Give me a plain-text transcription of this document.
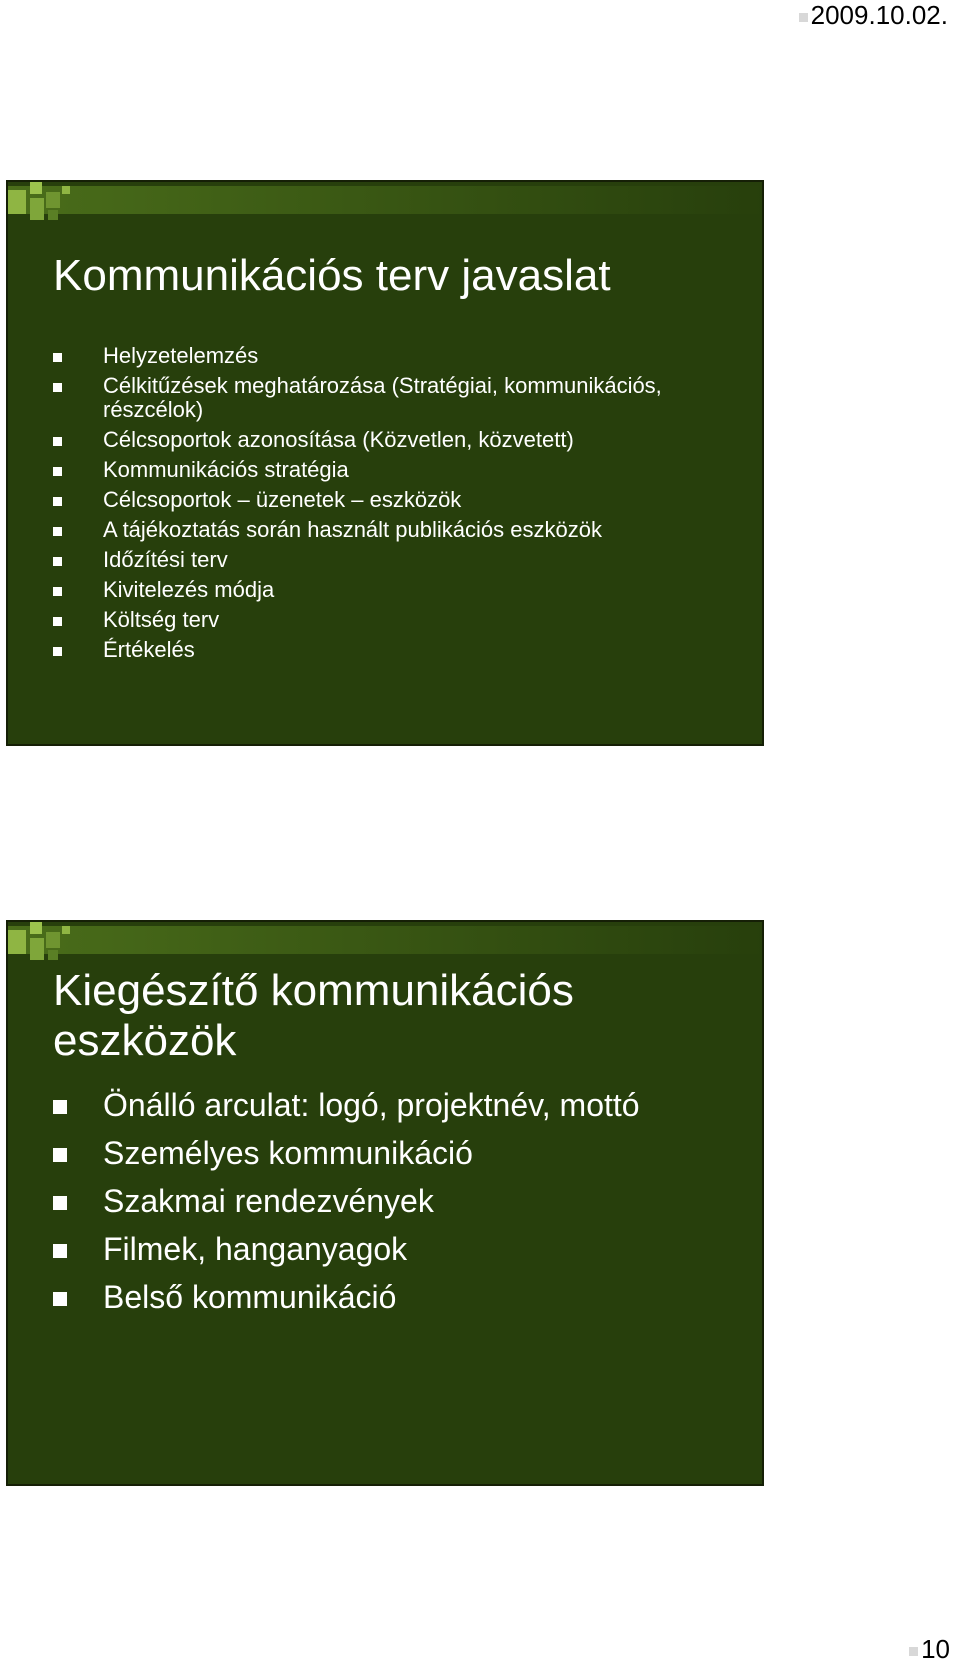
2009.10.02.
Kommunikációs terv javaslat
Helyzetelemzés
Célkitűzések meghatározása (Stratégiai, kommunikációs, részcélok)
Célcsoportok azonosítása (Közvetlen, közvetett)
Kommunikációs stratégia
Célcsoportok – üzenetek – eszközök
A tájékoztatás során használt publikációs eszközök
Időzítési terv
Kivitelezés módja
Költség terv
Értékelés
Kiegészítő kommunikációs
eszközök
Önálló arculat: logó, projektnév, mottó
Személyes kommunikáció
Szakmai rendezvények
Filmek, hanganyagok
Belső kommunikáció
10
